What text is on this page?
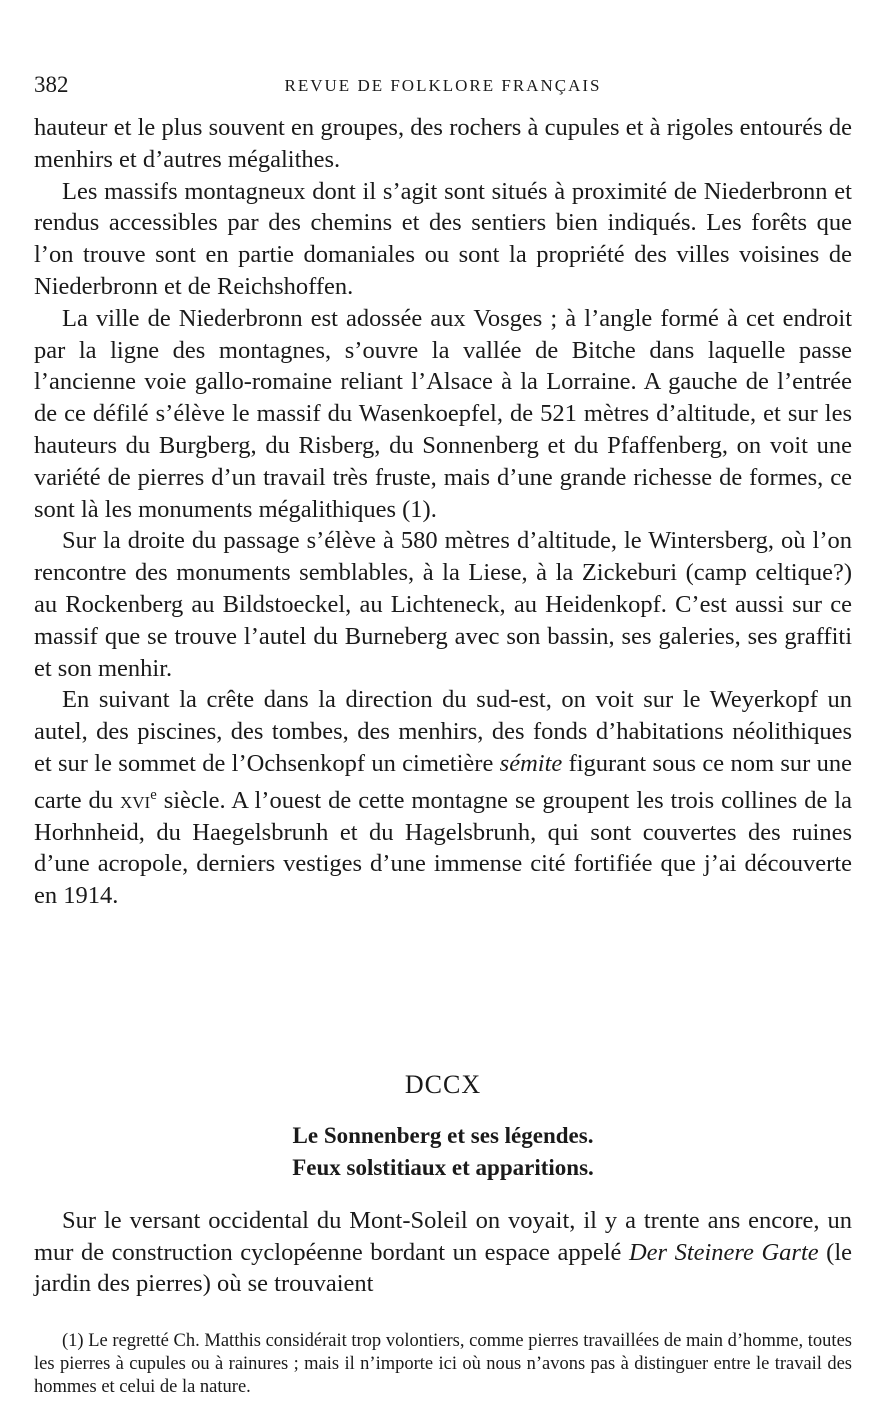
382	REVUE DE FOLKLORE FRANÇAIS

hauteur et le plus souvent en groupes, des rochers à cupules et à rigoles entourés de menhirs et d’autres mégalithes.

Les massifs montagneux dont il s’agit sont situés à proximité de Niederbronn et rendus accessibles par des chemins et des sentiers bien indiqués. Les forêts que l’on trouve sont en partie domaniales ou sont la propriété des villes voisines de Niederbronn et de Reichshoffen.

La ville de Niederbronn est adossée aux Vosges ; à l’angle formé à cet endroit par la ligne des montagnes, s’ouvre la vallée de Bitche dans laquelle passe l’ancienne voie gallo-romaine reliant l’Alsace à la Lorraine. A gauche de l’entrée de ce défilé s’élève le massif du Wasenkoepfel, de 521 mètres d’altitude, et sur les hauteurs du Burgberg, du Risberg, du Sonnenberg et du Pfaffenberg, on voit une variété de pierres d’un travail très fruste, mais d’une grande richesse de formes, ce sont là les monuments mégalithiques (1).

Sur la droite du passage s’élève à 580 mètres d’altitude, le Wintersberg, où l’on rencontre des monuments semblables, à la Liese, à la Zickeburi (camp celtique?) au Rockenberg au Bildstoeckel, au Lichteneck, au Heidenkopf. C’est aussi sur ce massif que se trouve l’autel du Burneberg avec son bassin, ses galeries, ses graffiti et son menhir.

En suivant la crête dans la direction du sud-est, on voit sur le Weyerkopf un autel, des piscines, des tombes, des menhirs, des fonds d’habitations néolithiques et sur le sommet de l’Ochsenkopf un cimetière sémite figurant sous ce nom sur une carte du xvi$^e$ siècle. A l’ouest de cette montagne se groupent les trois collines de la Horhnheid, du Haegelsbrunh et du Hagelsbrunh, qui sont couvertes des ruines d’une acropole, derniers vestiges d’une immense cité fortifiée que j’ai découverte en 1914.

DCCX
Le Sonnenberg et ses légendes.
Feux solstitiaux et apparitions.

Sur le versant occidental du Mont-Soleil on voyait, il y a trente ans encore, un mur de construction cyclopéenne bordant un espace appelé Der Steinere Garte (le jardin des pierres) où se trouvaient

(1) Le regretté Ch. Matthis considérait trop volontiers, comme pierres travaillées de main d’homme, toutes les pierres à cupules ou à rainures ; mais il n’importe ici où nous n’avons pas à distinguer entre le travail des hommes et celui de la nature.
